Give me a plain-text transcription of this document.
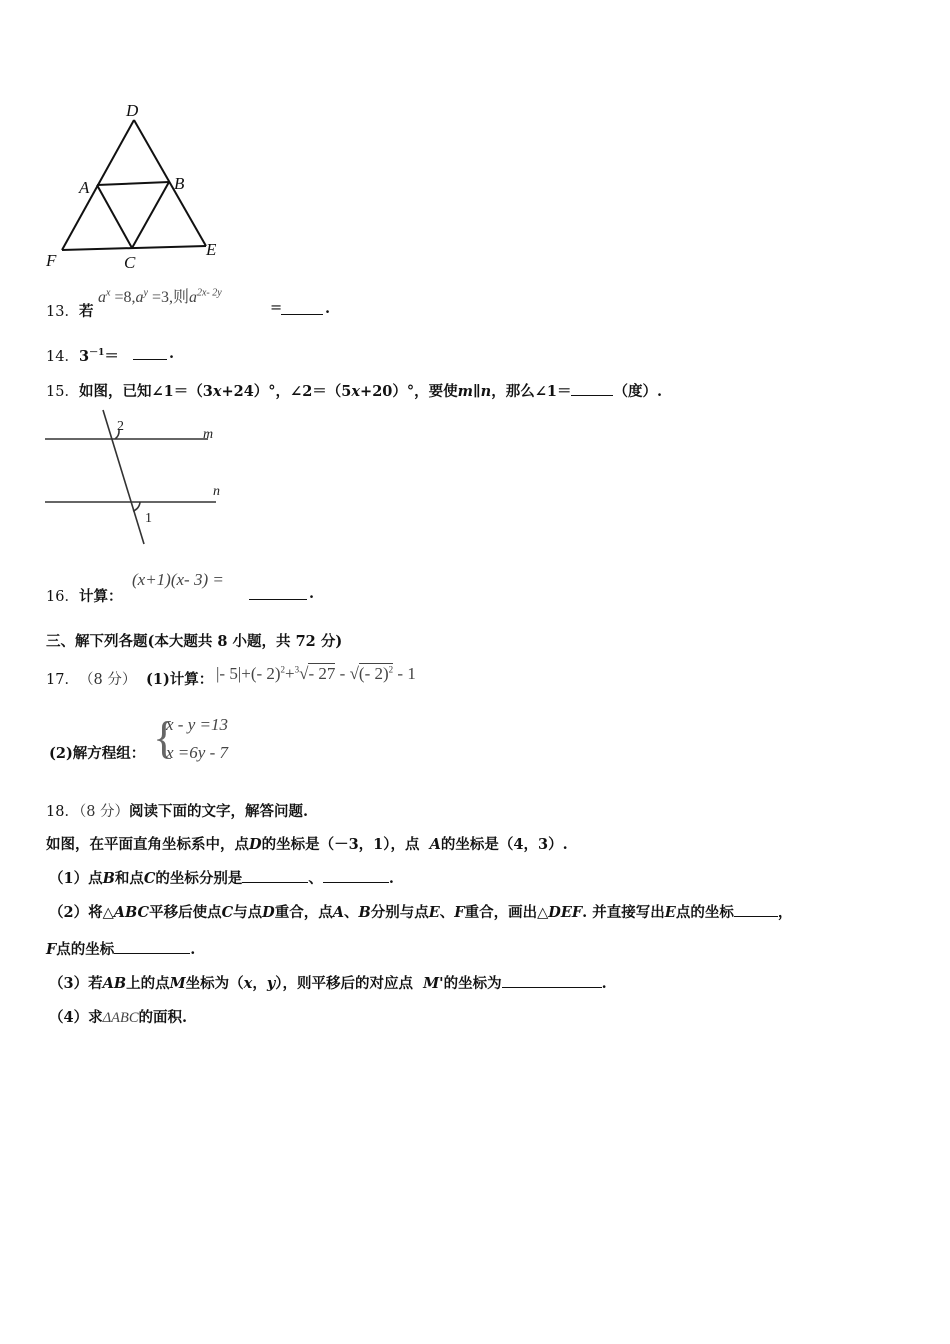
D
A	B
F	C
E
13． 若
$a^x =8,a^y =3$,则$a^{2x- 2y}$
=	.
14． $3^{-1}=$	.
15． 如图，已知∠1＝（3x+24）°，∠2＝（5x+20）°，要使m∥n，那么∠1＝	（度）.
2
m
n
1
16． 计算：
(x+1)(x- 3) =
.
三、解下列各题(本大题共 8 小题，共 72 分)
17． （8 分） (1)计算： |- 5|+(- 2)$^2$+$^3$√- 27 - √(- 2)$^2$ - 1
(2)解方程组： {
x - y =13
x =6y - 7
18．（8 分）阅读下面的文字，解答问题.
如图，在平面直角坐标系中，点D的坐标是（－3，1），点 A的坐标是（4，3）.
（1）点B和点C的坐标分别是	、	.
（2）将△ABC平移后使点C与点D重合，点A、B分别与点E、F重合，画出△DEF. 并直接写出E点的坐标	，
F点的坐标	.
（3）若AB上的点M坐标为（x，y），则平移后的对应点 M'的坐标为	.
（4）求ΔABC的面积.
